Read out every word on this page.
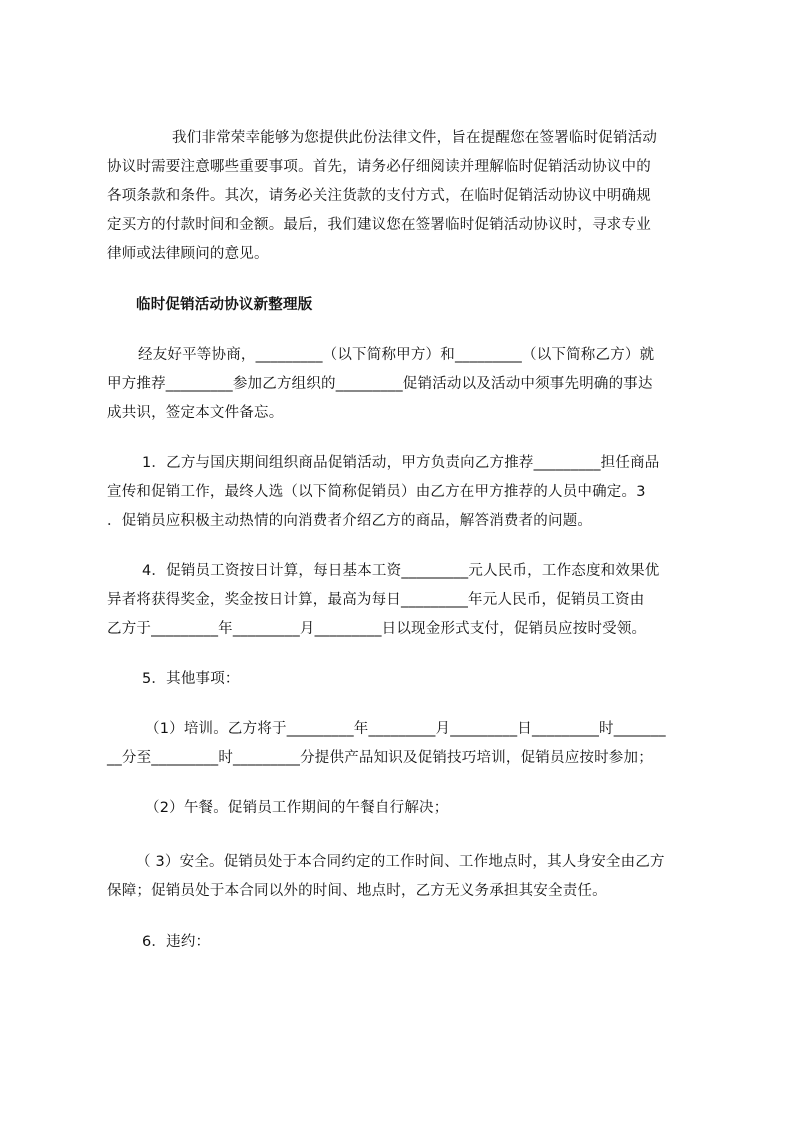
我们非常荣幸能够为您提供此份法律文件，旨在提醒您在签署临时促销活动
协议时需要注意哪些重要事项。首先，请务必仔细阅读并理解临时促销活动协议中的
各项条款和条件。其次，请务必关注货款的支付方式，在临时促销活动协议中明确规
定买方的付款时间和金额。最后，我们建议您在签署临时促销活动协议时，寻求专业
律师或法律顾问的意见。
临时促销活动协议新整理版
经友好平等协商，_________（以下简称甲方）和_________（以下简称乙方）就
甲方推荐_________参加乙方组织的_________促销活动以及活动中须事先明确的事达
成共识，签定本文件备忘。
1．乙方与国庆期间组织商品促销活动，甲方负责向乙方推荐_________担任商品
宣传和促销工作，最终人选（以下简称促销员）由乙方在甲方推荐的人员中确定。3
．促销员应积极主动热情的向消费者介绍乙方的商品，解答消费者的问题。
4．促销员工资按日计算，每日基本工资_________元人民币，工作态度和效果优
异者将获得奖金，奖金按日计算，最高为每日_________年元人民币，促销员工资由
乙方于_________年_________月_________日以现金形式支付，促销员应按时受领。
5．其他事项：
（1）培训。乙方将于_________年_________月_________日_________时_______
__分至_________时_________分提供产品知识及促销技巧培训，促销员应按时参加；
（2）午餐。促销员工作期间的午餐自行解决；
（ 3）安全。促销员处于本合同约定的工作时间、工作地点时，其人身安全由乙方
保障；促销员处于本合同以外的时间、地点时，乙方无义务承担其安全责任。
6．违约：
